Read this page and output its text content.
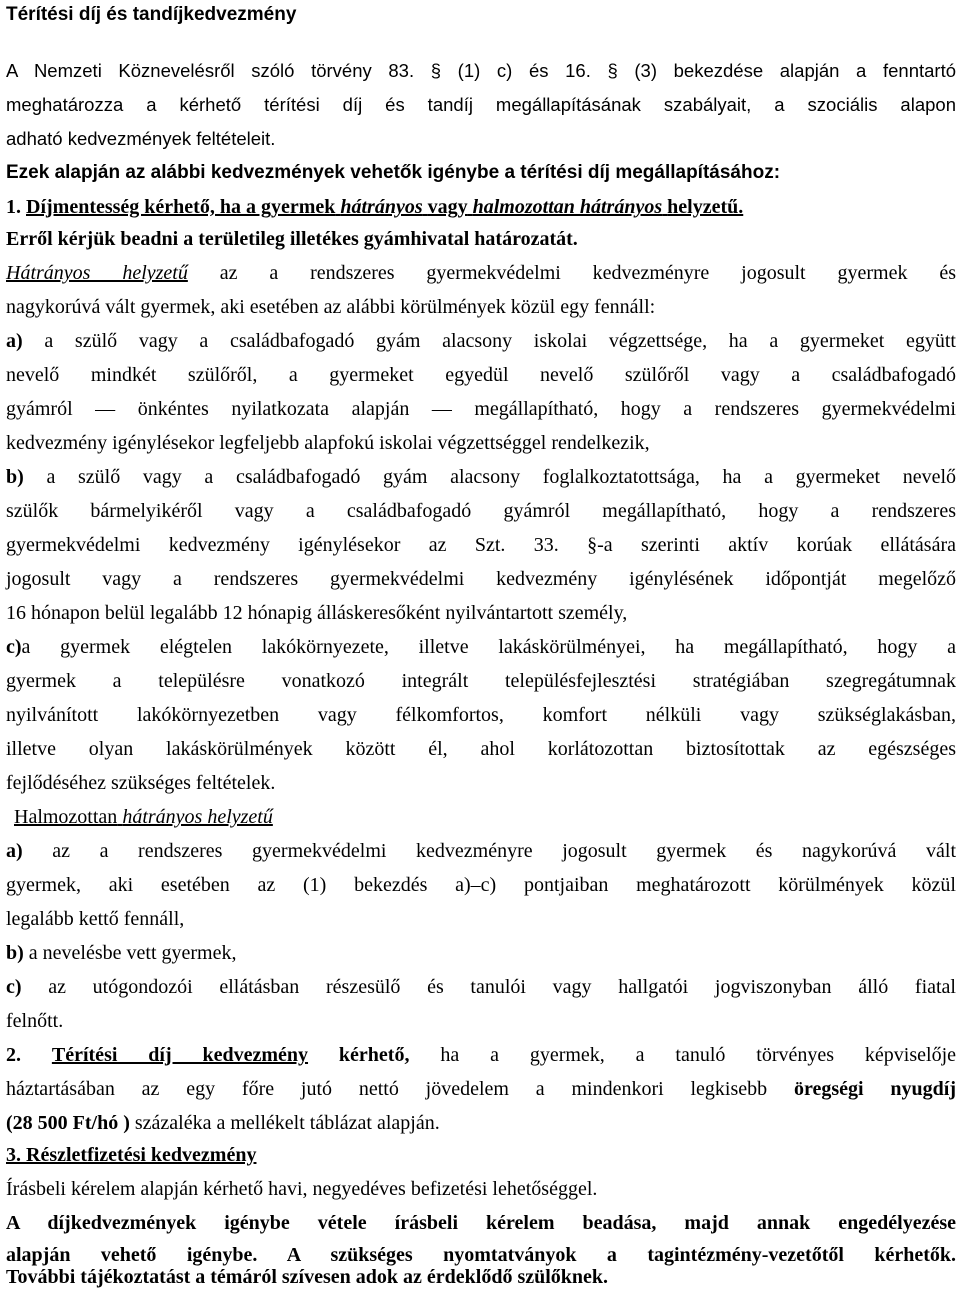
Térítési díj és tandíjkedvezmény
A Nemzeti Köznevelésről szóló törvény 83. § (1) c) és 16. § (3) bekezdése alapján a fenntartó
meghatározza a kérhető térítési díj és tandíj megállapításának szabályait, a szociális alapon
adható kedvezmények feltételeit.
Ezek alapján az alábbi kedvezmények vehetők igénybe a térítési díj megállapításához:
1. Díjmentesség kérhető, ha a gyermek hátrányos vagy halmozottan hátrányos helyzetű.
Erről kérjük beadni a területileg illetékes gyámhivatal határozatát.
Hátrányos helyzetű az a rendszeres gyermekvédelmi kedvezményre jogosult gyermek és
nagykorúvá vált gyermek, aki esetében az alábbi körülmények közül egy fennáll:
a) a szülő vagy a családbafogadó gyám alacsony iskolai végzettsége, ha a gyermeket együtt
nevelő mindkét szülőről, a gyermeket egyedül nevelő szülőről vagy a családbafogadó
gyámról — önkéntes nyilatkozata alapján — megállapítható, hogy a rendszeres gyermekvédelmi
kedvezmény igénylésekor legfeljebb alapfokú iskolai végzettséggel rendelkezik,
b) a szülő vagy a családbafogadó gyám alacsony foglalkoztatottsága, ha a gyermeket nevelő
szülők bármelyikéről vagy a családbafogadó gyámról megállapítható, hogy a rendszeres
gyermekvédelmi kedvezmény igénylésekor az Szt. 33. §-a szerinti aktív korúak ellátására
jogosult vagy a rendszeres gyermekvédelmi kedvezmény igénylésének időpontját megelőző
16 hónapon belül legalább 12 hónapig álláskeresőként nyilvántartott személy,
c)a gyermek elégtelen lakókörnyezete, illetve lakáskörülményei, ha megállapítható, hogy a
gyermek a településre vonatkozó integrált településfejlesztési stratégiában szegregátumnak
nyilvánított lakókörnyezetben vagy félkomfortos, komfort nélküli vagy szükséglakásban,
illetve olyan lakáskörülmények között él, ahol korlátozottan biztosítottak az egészséges
fejlődéséhez szükséges feltételek.
Halmozottan hátrányos helyzetű
a) az a rendszeres gyermekvédelmi kedvezményre jogosult gyermek és nagykorúvá vált
gyermek, aki esetében az (1) bekezdés a)–c) pontjaiban meghatározott körülmények közül
legalább kettő fennáll,
b) a nevelésbe vett gyermek,
c) az utógondozói ellátásban részesülő és tanulói vagy hallgatói jogviszonyban álló fiatal
felnőtt.
2. Térítési díj kedvezmény kérhető, ha a gyermek, a tanuló törvényes képviselője
háztartásában az egy főre jutó nettó jövedelem a mindenkori legkisebb öregségi nyugdíj
(28 500 Ft/hó ) százaléka a mellékelt táblázat alapján.
3. Részletfizetési kedvezmény
Írásbeli kérelem alapján kérhető havi, negyedéves befizetési lehetőséggel.
A díjkedvezmények igénybe vétele írásbeli kérelem beadása, majd annak engedélyezése
alapján vehető igénybe. A szükséges nyomtatványok a tagintézmény-vezetőtől kérhetők.
További tájékoztatást a témáról szívesen adok az érdeklődő szülőknek.
